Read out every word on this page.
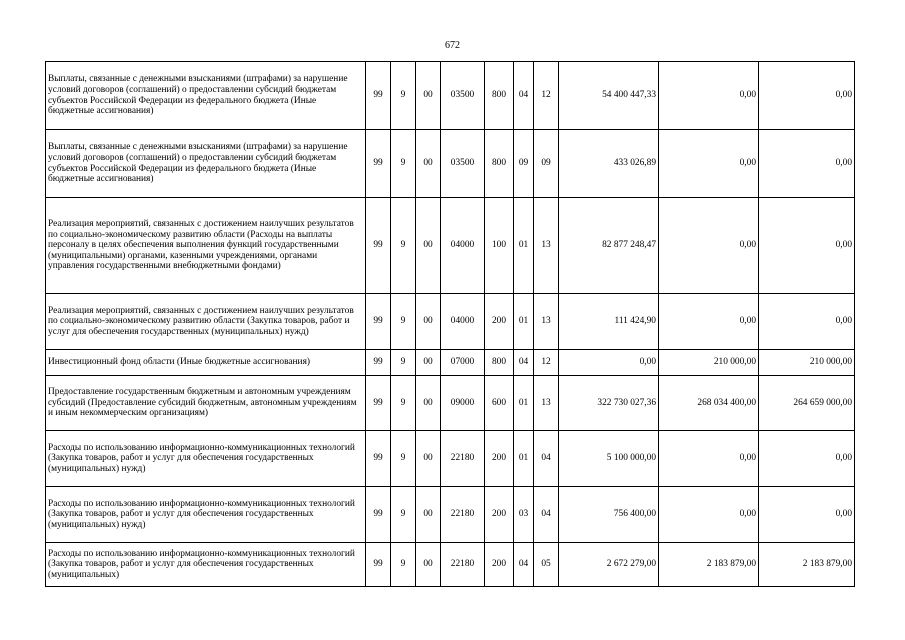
672
Выплаты, связанные с денежными взысканиями (штрафами) за нарушение условий договоров (соглашений) о предоставлении субсидий бюджетам субъектов Российской Федерации из федерального бюджета (Иные бюджетные ассигнования)	99	9	00	03500	800	04	12	54 400 447,33	0,00	0,00
Выплаты, связанные с денежными взысканиями (штрафами) за нарушение условий договоров (соглашений) о предоставлении субсидий бюджетам субъектов Российской Федерации из федерального бюджета (Иные бюджетные ассигнования)	99	9	00	03500	800	09	09	433 026,89	0,00	0,00
Реализация мероприятий, связанных с достижением наилучших результатов по социально-экономическому развитию области (Расходы на выплаты персоналу в целях обеспечения выполнения функций государственными (муниципальными) органами, казенными учреждениями, органами управления государственными внебюджетными фондами)	99	9	00	04000	100	01	13	82 877 248,47	0,00	0,00
Реализация мероприятий, связанных с достижением наилучших результатов по социально-экономическому развитию области (Закупка товаров, работ и услуг для обеспечения государственных (муниципальных) нужд)	99	9	00	04000	200	01	13	111 424,90	0,00	0,00
Инвестиционный фонд области (Иные бюджетные ассигнования)	99	9	00	07000	800	04	12	0,00	210 000,00	210 000,00
Предоставление государственным бюджетным и автономным учреждениям субсидий (Предоставление субсидий бюджетным, автономным учреждениям и иным некоммерческим организациям)	99	9	00	09000	600	01	13	322 730 027,36	268 034 400,00	264 659 000,00
Расходы по использованию информационно-коммуникационных технологий (Закупка товаров, работ и услуг для обеспечения государственных (муниципальных) нужд)	99	9	00	22180	200	01	04	5 100 000,00	0,00	0,00
Расходы по использованию информационно-коммуникационных технологий (Закупка товаров, работ и услуг для обеспечения государственных (муниципальных) нужд)	99	9	00	22180	200	03	04	756 400,00	0,00	0,00
Расходы по использованию информационно-коммуникационных технологий (Закупка товаров, работ и услуг для обеспечения государственных (муниципальных)	99	9	00	22180	200	04	05	2 672 279,00	2 183 879,00	2 183 879,00
